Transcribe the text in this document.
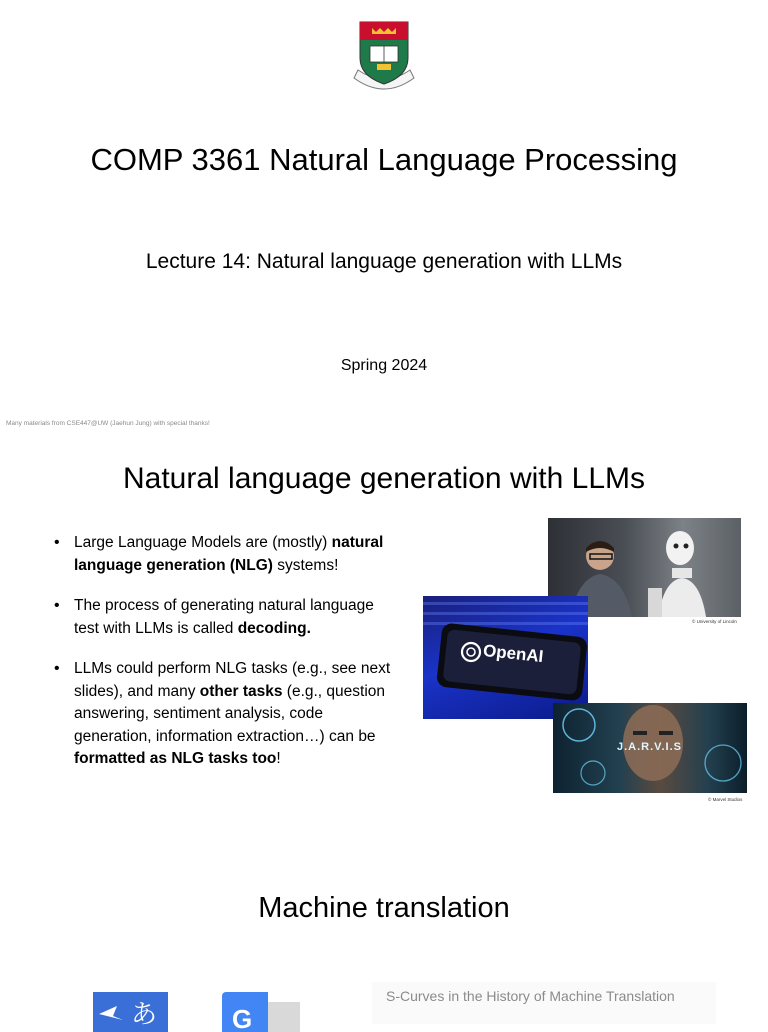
COMP 3361 Natural Language Processing
Lecture 14: Natural language generation with LLMs
Spring 2024
Many materials from CSE447@UW (Jaehun Jung) with special thanks!
Natural language generation with LLMs
• Large Language Models are (mostly) natural language generation (NLG) systems!
• The process of generating natural language test with LLMs is called decoding.
• LLMs could perform NLG tasks (e.g., see next slides), and many other tasks (e.g., question answering, sentiment analysis, code generation, information extraction…) can be formatted as NLG tasks too!
© University of Lincoln
OpenAI
J.A.R.V.I.S
© Marvel Studios
Machine translation
あ	G
S-Curves in the History of Machine Translation
